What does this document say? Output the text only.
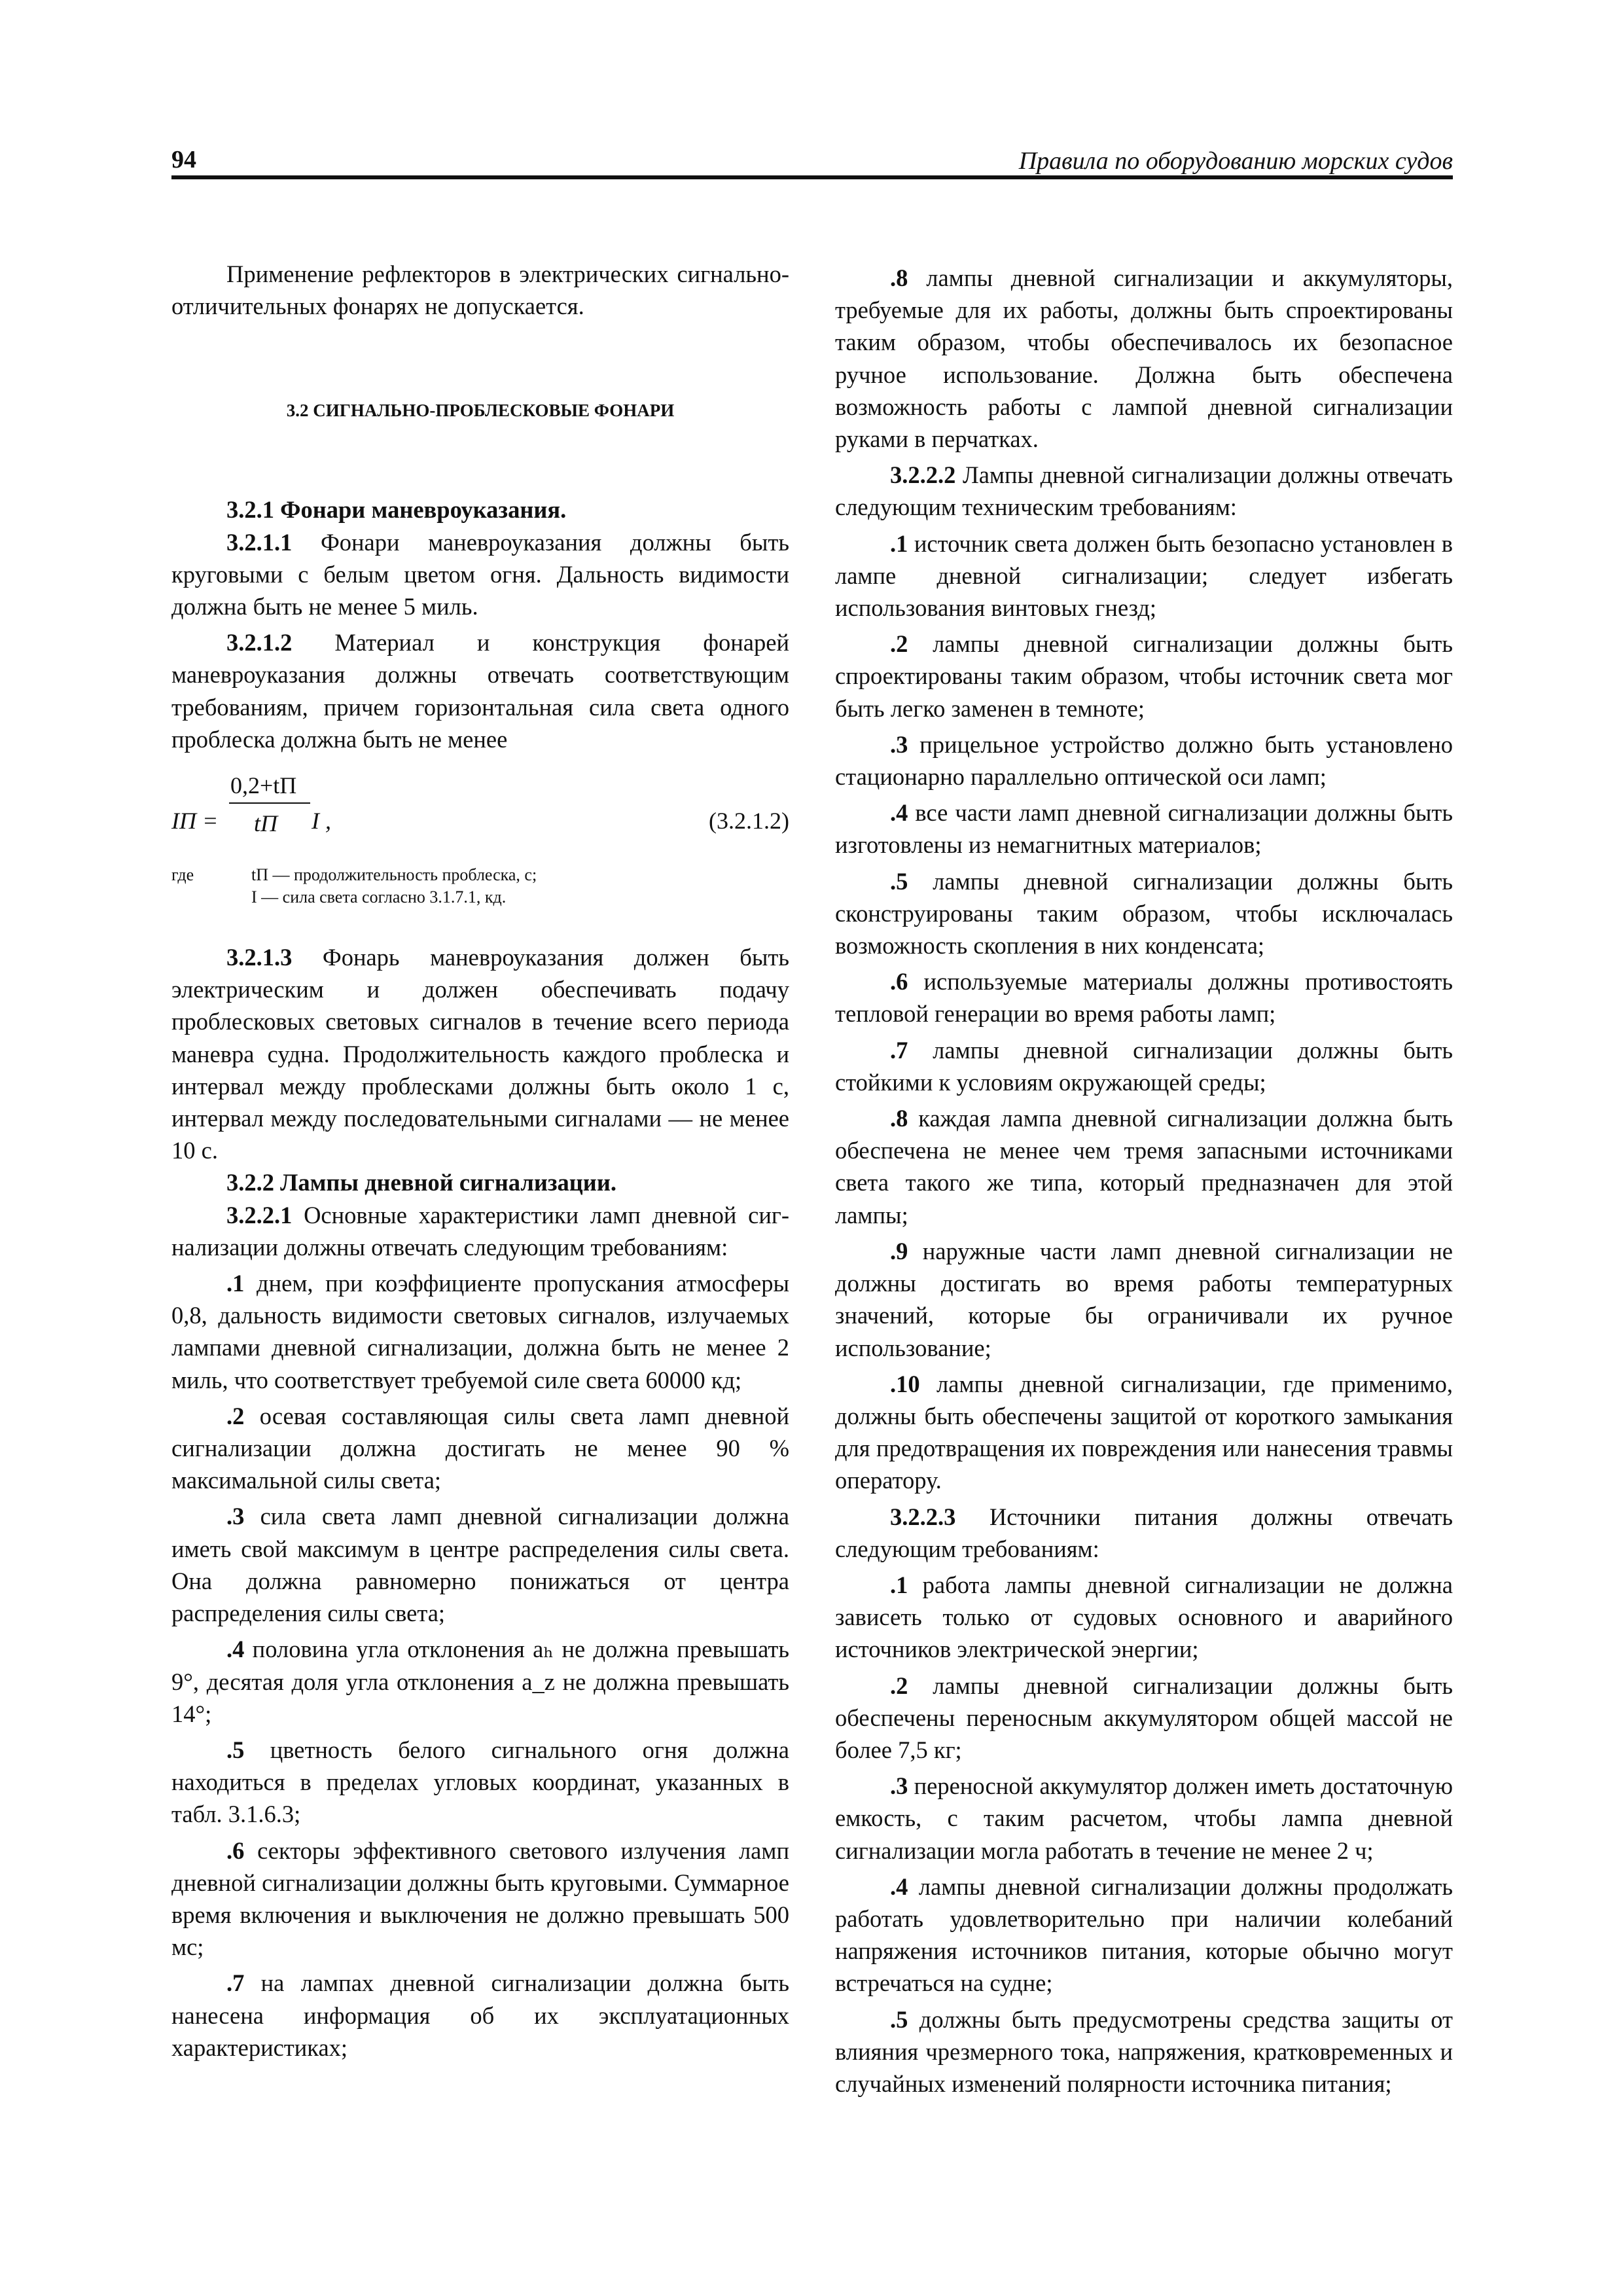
94	Правила по оборудованию морских судов

Применение рефлекторов в электрических сигнально-отличительных фонарях не допускается.

3.2 СИГНАЛЬНО-ПРОБЛЕСКОВЫЕ ФОНАРИ

3.2.1 Фонари маневроуказания.

3.2.1.1 Фонари маневроуказания должны быть круговыми с белым цветом огня. Дальность видимости должна быть не менее 5 миль.

3.2.1.2 Материал и конструкция фонарей маневроуказания должны отвечать соответствующим требованиям, причем горизонтальная сила света одного проблеска должна быть не менее

IП =
0,2+tП
tП I ,	(3.2.1.2)
где	tП — продолжительность проблеска, с;
I — сила света согласно 3.1.7.1, кд.

3.2.1.3 Фонарь маневроуказания должен быть электрическим и должен обеспечивать подачу проблесковых световых сигналов в течение всего периода маневра судна. Продолжительность каждого проблеска и интервал между проблесками должны быть около 1 с, интервал между последовательными сигналами — не менее 10 с.

3.2.2 Лампы дневной сигнализации.

3.2.2.1 Основные характеристики ламп дневной сигнализации должны отвечать следующим требованиям:

.1 днем, при коэффициенте пропускания атмосферы 0,8, дальность видимости световых сигналов, излучаемых лампами дневной сигнализации, должна быть не менее 2 миль, что соответствует требуемой силе света 60000 кд;

.2 осевая составляющая силы света ламп дневной сигнализации должна достигать не менее 90 % максимальной силы света;

.3 сила света ламп дневной сигнализации должна иметь свой максимум в центре распределения силы света. Она должна равномерно понижаться от центра распределения силы света;

.4 половина угла отклонения aₕ не должна превышать 9°, десятая доля угла отклонения a_z не должна превышать 14°;

.5 цветность белого сигнального огня должна находиться в пределах угловых координат, указанных в табл. 3.1.6.3;

.6 секторы эффективного светового излучения ламп дневной сигнализации должны быть круговыми. Суммарное время включения и выключения не должно превышать 500 мс;

.7 на лампах дневной сигнализации должна быть нанесена информация об их эксплуатационных характеристиках;

.8 лампы дневной сигнализации и аккумуляторы, требуемые для их работы, должны быть спроектированы таким образом, чтобы обеспечивалось их безопасное ручное использование. Должна быть обеспечена возможность работы с лампой дневной сигнализации руками в перчатках.

3.2.2.2 Лампы дневной сигнализации должны отвечать следующим техническим требованиям:

.1 источник света должен быть безопасно установлен в лампе дневной сигнализации; следует избегать использования винтовых гнезд;

.2 лампы дневной сигнализации должны быть спроектированы таким образом, чтобы источник света мог быть легко заменен в темноте;

.3 прицельное устройство должно быть установлено стационарно параллельно оптической оси ламп;

.4 все части ламп дневной сигнализации должны быть изготовлены из немагнитных материалов;

.5 лампы дневной сигнализации должны быть сконструированы таким образом, чтобы исключалась возможность скопления в них конденсата;

.6 используемые материалы должны противостоять тепловой генерации во время работы ламп;

.7 лампы дневной сигнализации должны быть стойкими к условиям окружающей среды;

.8 каждая лампа дневной сигнализации должна быть обеспечена не менее чем тремя запасными источниками света такого же типа, который предназначен для этой лампы;

.9 наружные части ламп дневной сигнализации не должны достигать во время работы температурных значений, которые бы ограничивали их ручное использование;

.10 лампы дневной сигнализации, где применимо, должны быть обеспечены защитой от короткого замыкания для предотвращения их повреждения или нанесения травмы оператору.

3.2.2.3 Источники питания должны отвечать следующим требованиям:

.1 работа лампы дневной сигнализации не должна зависеть только от судовых основного и аварийного источников электрической энергии;

.2 лампы дневной сигнализации должны быть обеспечены переносным аккумулятором общей массой не более 7,5 кг;

.3 переносной аккумулятор должен иметь достаточную емкость, с таким расчетом, чтобы лампа дневной сигнализации могла работать в течение не менее 2 ч;

.4 лампы дневной сигнализации должны продолжать работать удовлетворительно при наличии колебаний напряжения источников питания, которые обычно могут встречаться на судне;

.5 должны быть предусмотрены средства защиты от влияния чрезмерного тока, напряжения, кратковременных и случайных изменений полярности источника питания;
